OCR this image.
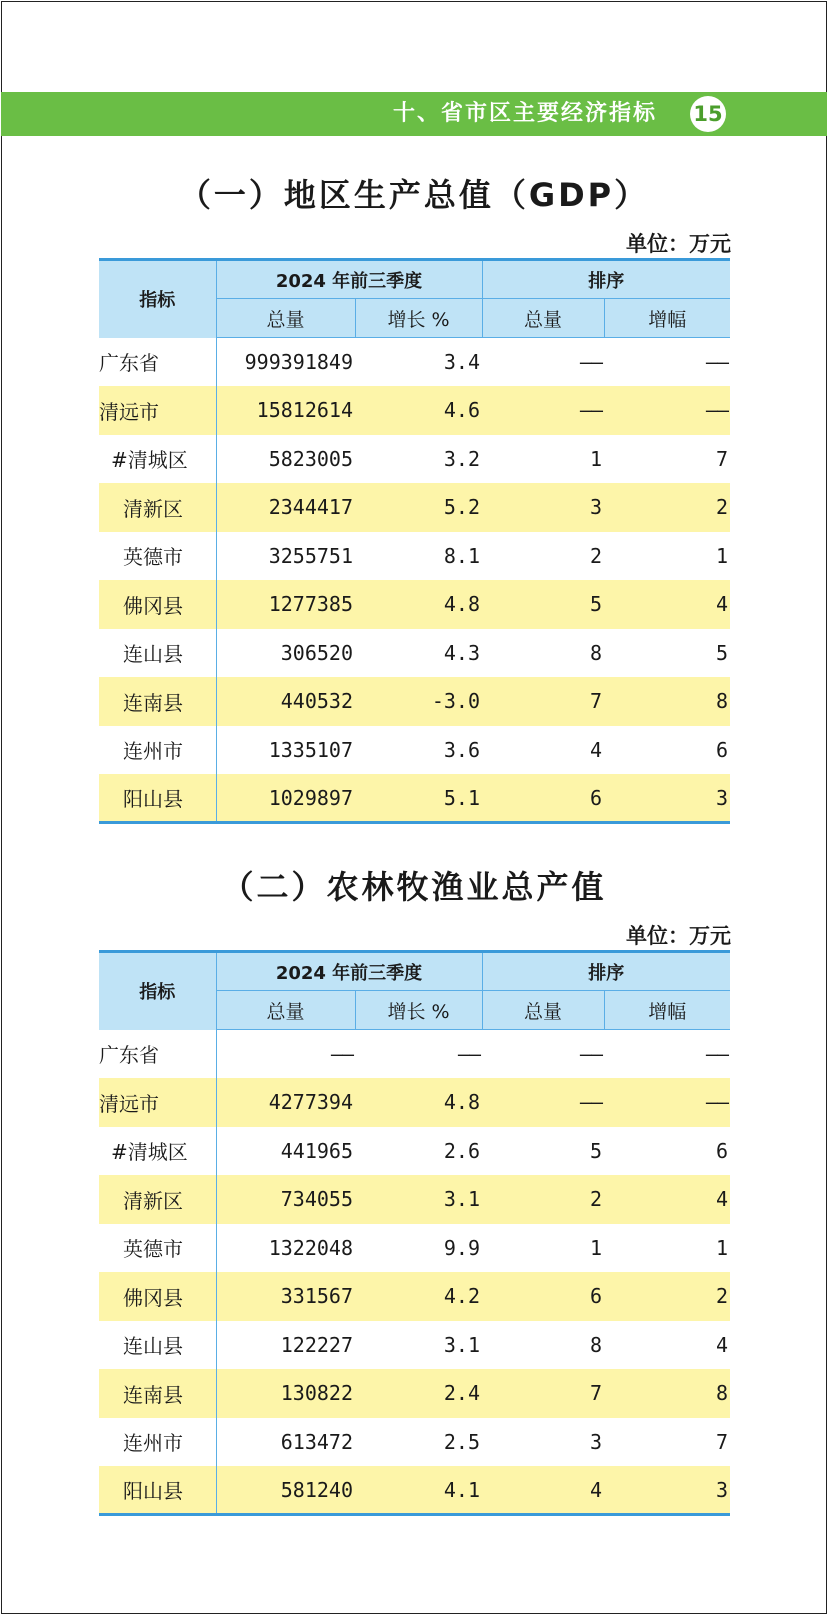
十、省市区主要经济指标 15
（一）地区生产总值（GDP）
单位：万元
指标	2024 年前三季度		排序	
	总量	增长 %	总量	增幅
广东省	999391849	3.4	——	——
清远市	15812614	4.6	——	——
#清城区	5823005	3.2	1	7
清新区	2344417	5.2	3	2
英德市	3255751	8.1	2	1
佛冈县	1277385	4.8	5	4
连山县	306520	4.3	8	5
连南县	440532	-3.0	7	8
连州市	1335107	3.6	4	6
阳山县	1029897	5.1	6	3
（二）农林牧渔业总产值
单位：万元
指标	2024 年前三季度		排序	
	总量	增长 %	总量	增幅
广东省	——	——	——	——
清远市	4277394	4.8	——	——
#清城区	441965	2.6	5	6
清新区	734055	3.1	2	4
英德市	1322048	9.9	1	1
佛冈县	331567	4.2	6	2
连山县	122227	3.1	8	4
连南县	130822	2.4	7	8
连州市	613472	2.5	3	7
阳山县	581240	4.1	4	3
